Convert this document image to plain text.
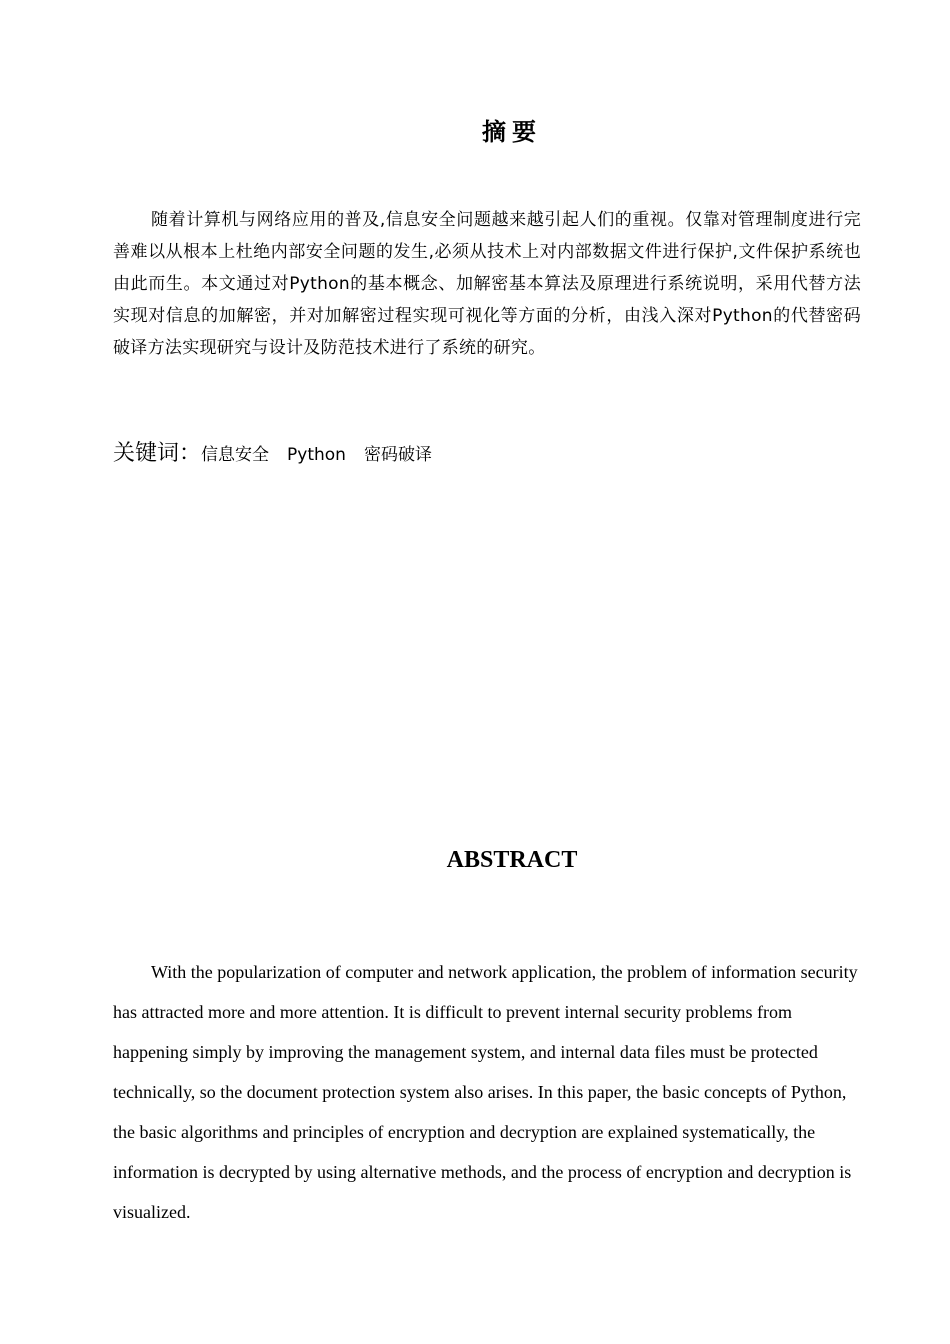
摘要

随着计算机与网络应用的普及,信息安全问题越来越引起人们的重视。仅靠对管理制度进行完善难以从根本上杜绝内部安全问题的发生,必须从技术上对内部数据文件进行保护,文件保护系统也由此而生。本文通过对Python的基本概念、加解密基本算法及原理进行系统说明，采用代替方法实现对信息的加解密，并对加解密过程实现可视化等方面的分析，由浅入深对Python的代替密码破译方法实现研究与设计及防范技术进行了系统的研究。

关键词：信息安全 Python 密码破译

ABSTRACT

With the popularization of computer and network application, the problem of information security has attracted more and more attention. It is difficult to prevent internal security problems from happening simply by improving the management system, and internal data files must be protected technically, so the document protection system also arises. In this paper, the basic concepts of Python, the basic algorithms and principles of encryption and decryption are explained systematically, the information is decrypted by using alternative methods, and the process of encryption and decryption is visualized.
